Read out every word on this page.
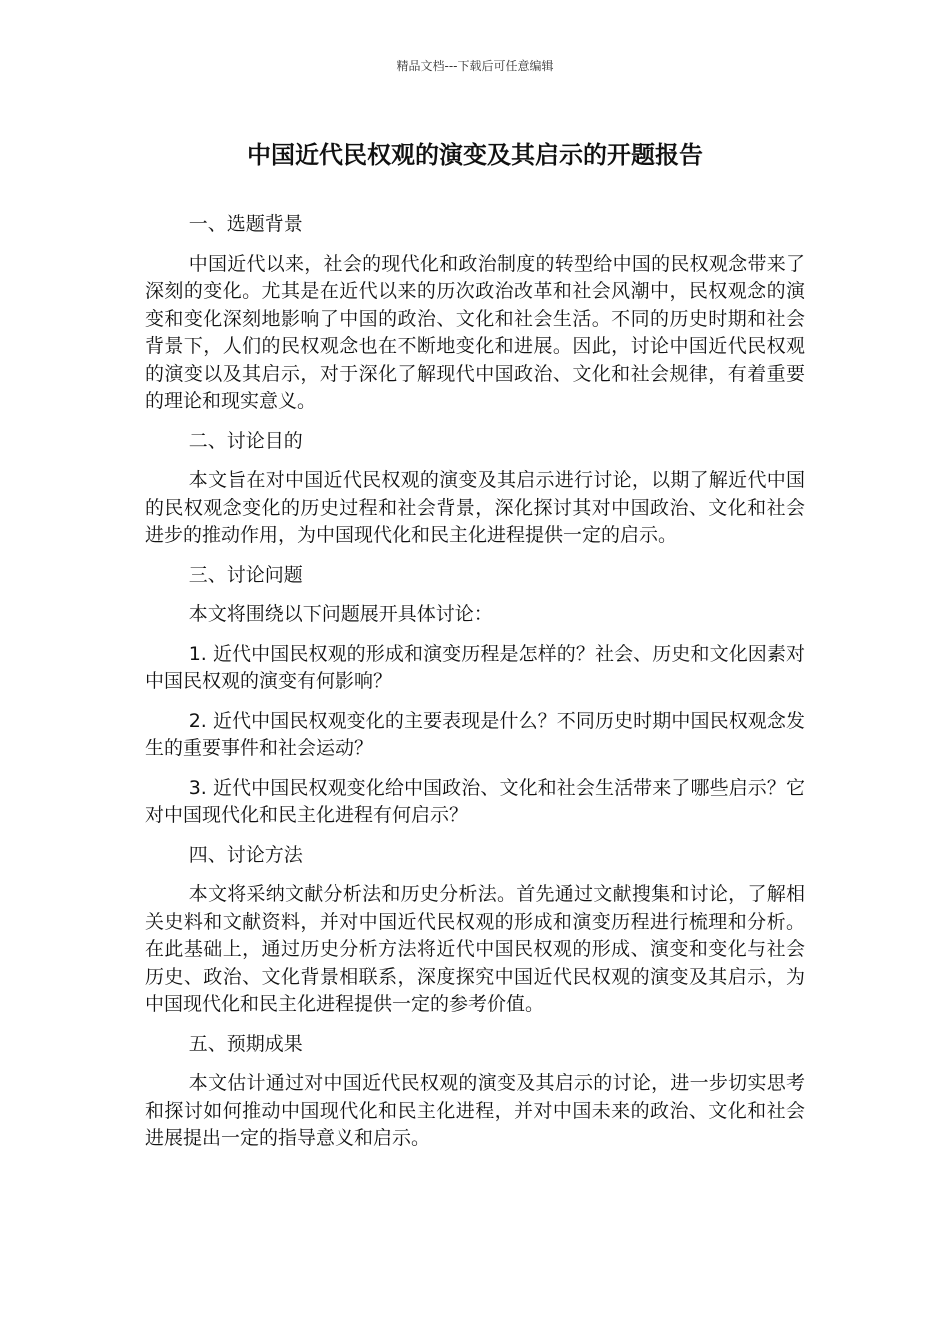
精品文档---下载后可任意编辑
中国近代民权观的演变及其启示的开题报告

一、选题背景

中国近代以来，社会的现代化和政治制度的转型给中国的民权观念带来了深刻的变化。尤其是在近代以来的历次政治改革和社会风潮中，民权观念的演变和变化深刻地影响了中国的政治、文化和社会生活。不同的历史时期和社会背景下，人们的民权观念也在不断地变化和进展。因此，讨论中国近代民权观的演变以及其启示，对于深化了解现代中国政治、文化和社会规律，有着重要的理论和现实意义。

二、讨论目的

本文旨在对中国近代民权观的演变及其启示进行讨论，以期了解近代中国的民权观念变化的历史过程和社会背景，深化探讨其对中国政治、文化和社会进步的推动作用，为中国现代化和民主化进程提供一定的启示。

三、讨论问题

本文将围绕以下问题展开具体讨论：

1. 近代中国民权观的形成和演变历程是怎样的？社会、历史和文化因素对中国民权观的演变有何影响？

2. 近代中国民权观变化的主要表现是什么？不同历史时期中国民权观念发生的重要事件和社会运动？

3. 近代中国民权观变化给中国政治、文化和社会生活带来了哪些启示？它对中国现代化和民主化进程有何启示？

四、讨论方法

本文将采纳文献分析法和历史分析法。首先通过文献搜集和讨论，了解相关史料和文献资料，并对中国近代民权观的形成和演变历程进行梳理和分析。在此基础上，通过历史分析方法将近代中国民权观的形成、演变和变化与社会历史、政治、文化背景相联系，深度探究中国近代民权观的演变及其启示，为中国现代化和民主化进程提供一定的参考价值。

五、预期成果

本文估计通过对中国近代民权观的演变及其启示的讨论，进一步切实思考和探讨如何推动中国现代化和民主化进程，并对中国未来的政治、文化和社会进展提出一定的指导意义和启示。
